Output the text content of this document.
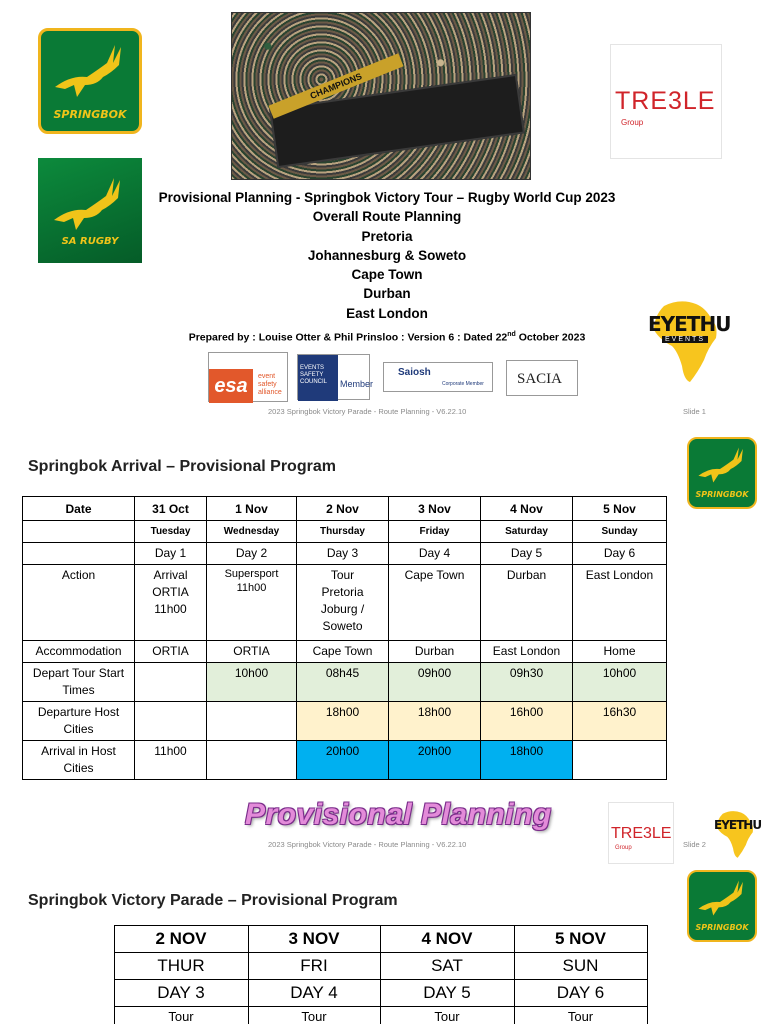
SPRINGBOK
SA RUGBY
CHAMPIONS
TRE3LE
Group
Provisional Planning - Springbok Victory Tour – Rugby World Cup 2023
Overall Route Planning
Pretoria
Johannesburg & Soweto
Cape Town
Durban
East London
Prepared by : Louise Otter & Phil Prinsloo : Version 6 : Dated 22nd October 2023
EYETHU
EVENTS
esa	event safety alliance
EVENTS SAFETY COUNCIL	Member
Saiosh
Corporate Member SACIA
2023 Springbok Victory Parade - Route Planning - V6.22.10	Slide 1
Springbok Arrival – Provisional Program
SPRINGBOK
Date	31 Oct	1 Nov	2 Nov	3 Nov	4 Nov	5 Nov
	Tuesday	Wednesday	Thursday	Friday	Saturday	Sunday
	Day 1	Day 2	Day 3	Day 4	Day 5	Day 6
Action	Arrival ORTIA 11h00	Supersport 11h00	Tour Pretoria Joburg / Soweto	Cape Town	Durban	East London
Accommodation	ORTIA	ORTIA	Cape Town	Durban	East London	Home
Depart Tour Start Times		10h00	08h45	09h00	09h30	10h00
Departure Host Cities			18h00	18h00	16h00	16h30
Arrival in Host Cities	11h00		20h00	20h00	18h00	
Provisional Planning
TRE3LE
Group
EYETHU
2023 Springbok Victory Parade - Route Planning - V6.22.10	Slide 2
Springbok Victory Parade – Provisional Program
SPRINGBOK
	2 NOV	3 NOV	4 NOV	5 NOV
	THUR	FRI	SAT	SUN
	DAY 3	DAY 4	DAY 5	DAY 6
	Tour	Tour	Tour	Tour
